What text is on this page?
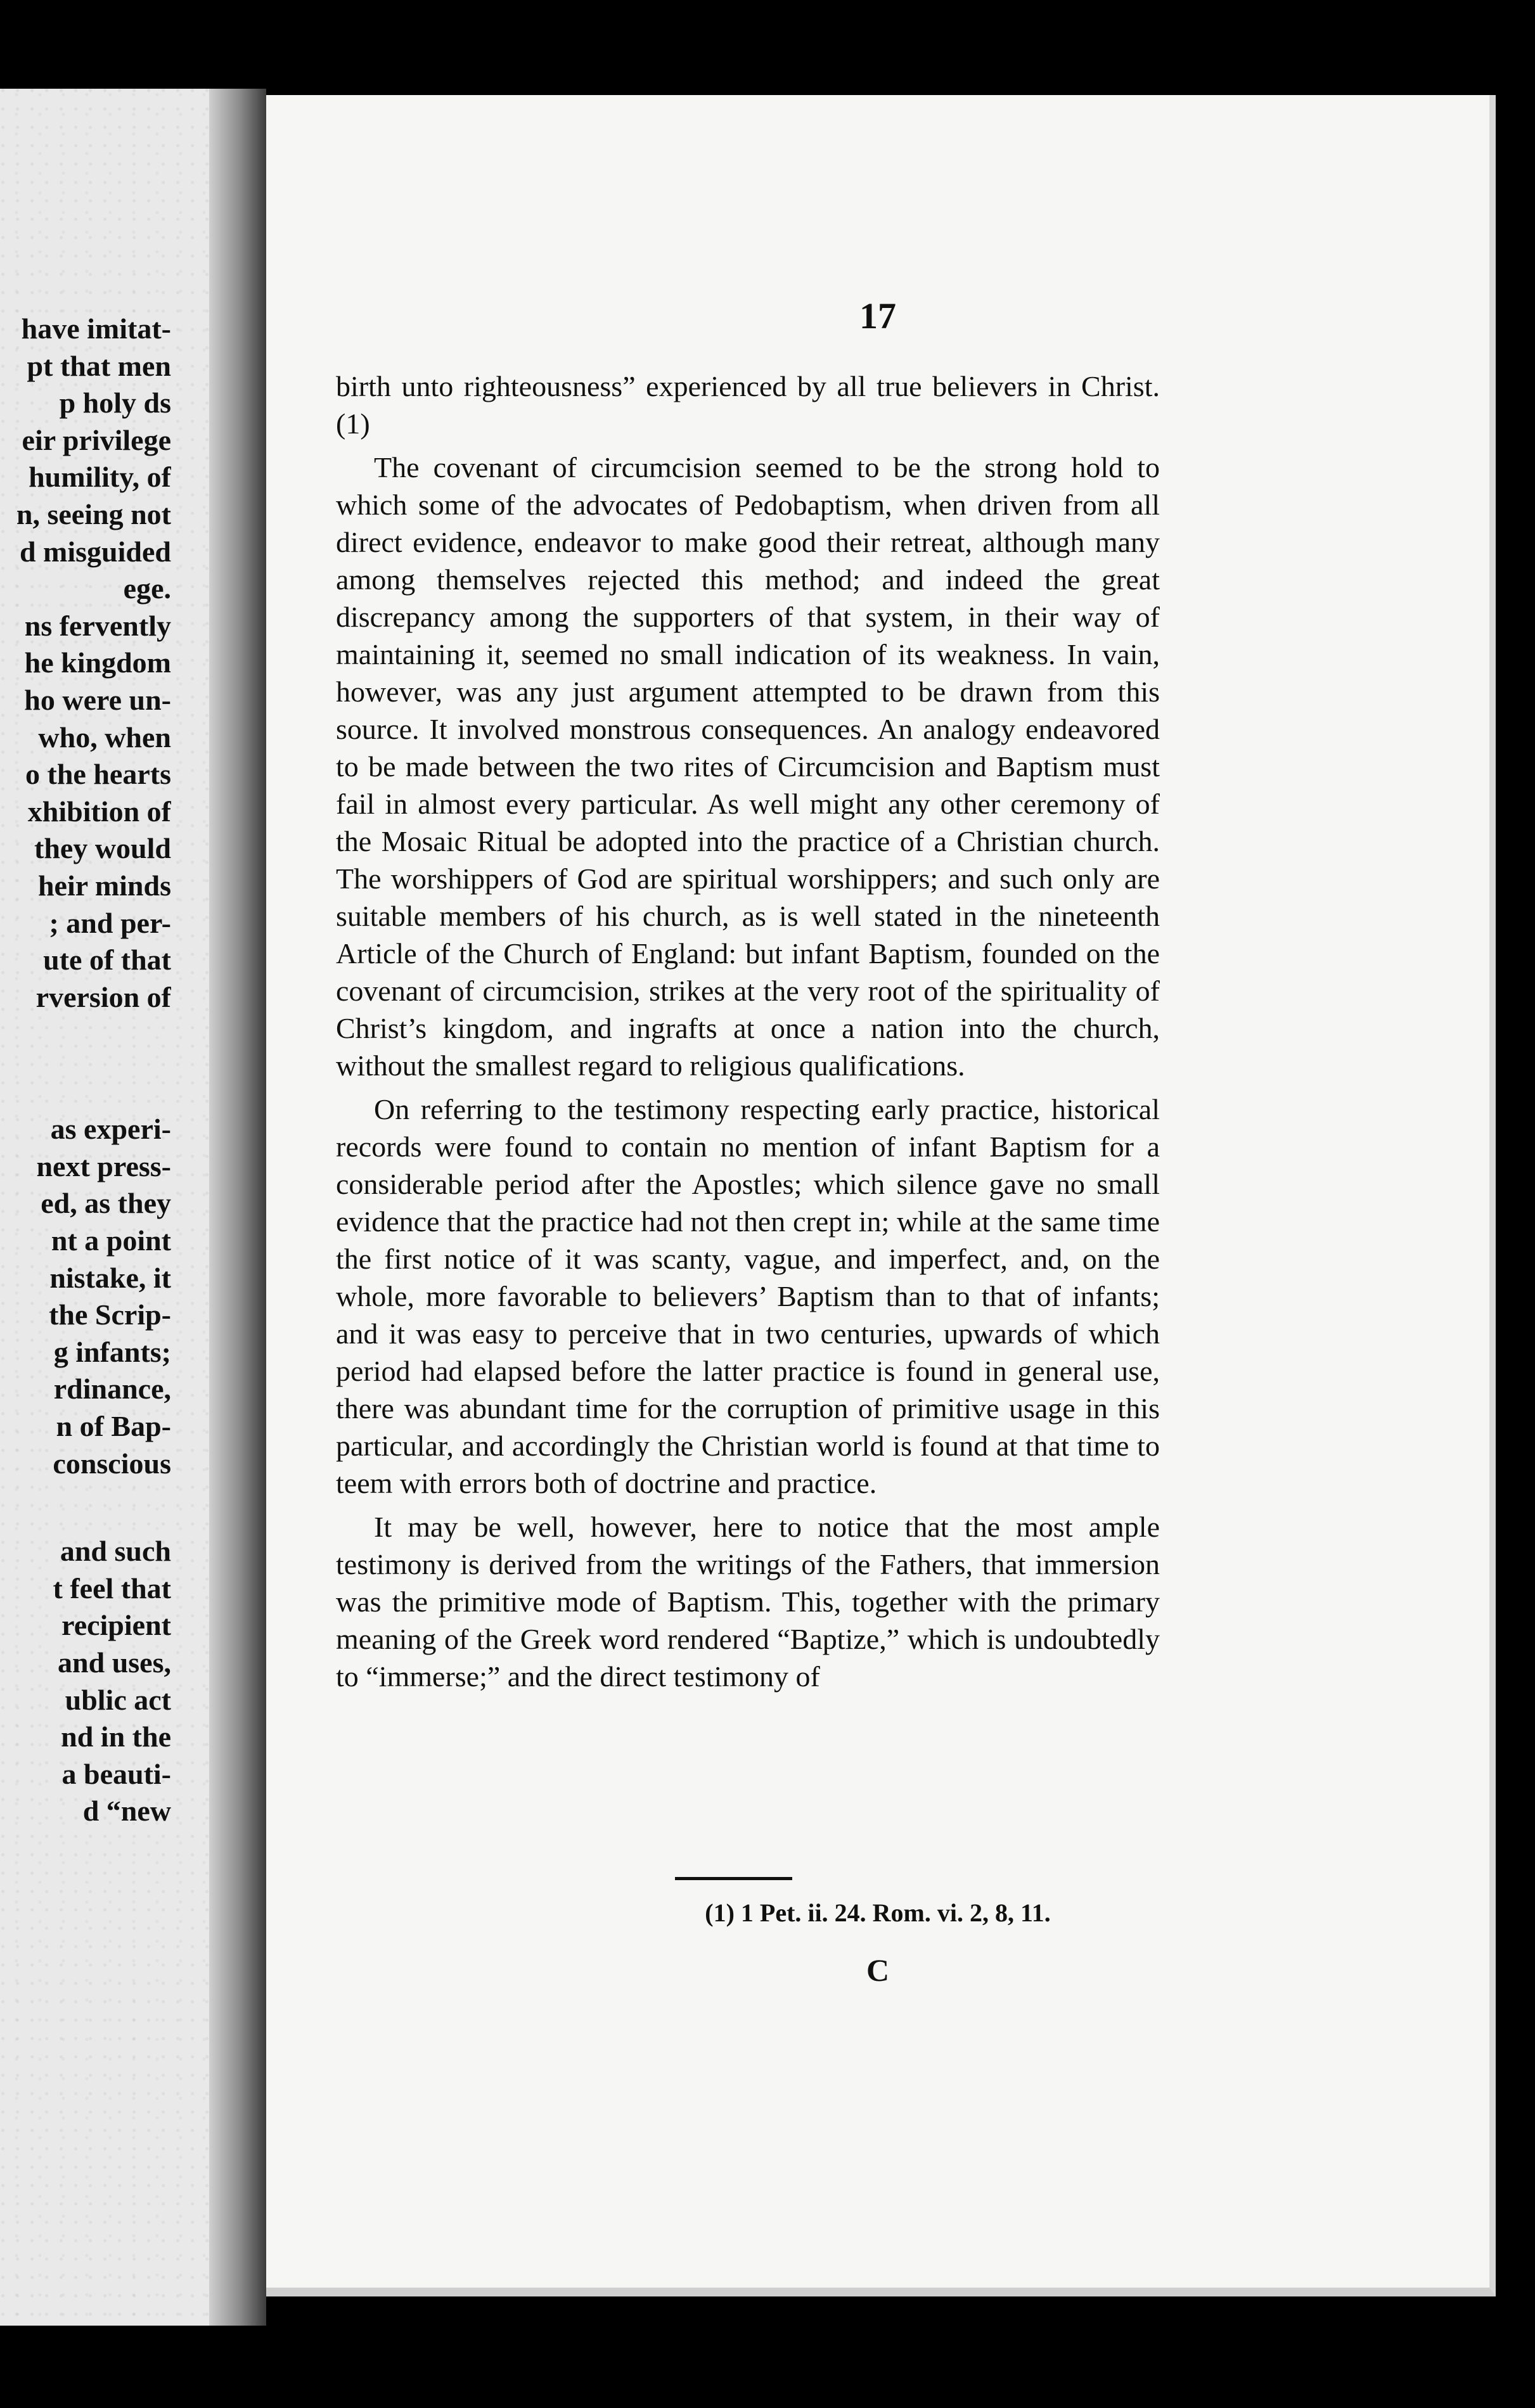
have imitat-
pt that men
p holy ds
eir privilege
humility, of
n, seeing not
d misguided
ege.
ns fervently
he kingdom
ho were un-
who, when
o the hearts
xhibition of
they would
heir minds
; and per-
ute of that
rversion of
as experi-
next press-
ed, as they
nt a point
nistake, it
the Scrip-
g infants;
rdinance,
n of Bap-
conscious
and such
t feel that
recipient
and uses,
ublic act
nd in the
a beauti-
d “new
17

birth unto righteousness” experienced by all true believers in Christ. (1)

The covenant of circumcision seemed to be the strong hold to which some of the advocates of Pedobaptism, when driven from all direct evidence, endeavor to make good their retreat, although many among themselves rejected this method; and indeed the great discrepancy among the supporters of that system, in their way of maintaining it, seemed no small indication of its weakness. In vain, however, was any just argument attempted to be drawn from this source. It involved monstrous consequences. An analogy endeavored to be made between the two rites of Circumcision and Baptism must fail in almost every particular. As well might any other ceremony of the Mosaic Ritual be adopted into the practice of a Christian church. The worshippers of God are spiritual worshippers; and such only are suitable members of his church, as is well stated in the nineteenth Article of the Church of England: but infant Baptism, founded on the covenant of circumcision, strikes at the very root of the spirituality of Christ’s kingdom, and ingrafts at once a nation into the church, without the smallest regard to religious qualifications.

On referring to the testimony respecting early practice, historical records were found to contain no mention of infant Baptism for a considerable period after the Apostles; which silence gave no small evidence that the practice had not then crept in; while at the same time the first notice of it was scanty, vague, and imperfect, and, on the whole, more favorable to believers’ Baptism than to that of infants; and it was easy to perceive that in two centuries, upwards of which period had elapsed before the latter practice is found in general use, there was abundant time for the corruption of primitive usage in this particular, and accordingly the Christian world is found at that time to teem with errors both of doctrine and practice.

It may be well, however, here to notice that the most ample testimony is derived from the writings of the Fathers, that immersion was the primitive mode of Baptism. This, together with the primary meaning of the Greek word rendered “Baptize,” which is undoubtedly to “immerse;” and the direct testimony of

(1) 1 Pet. ii. 24. Rom. vi. 2, 8, 11.
C
